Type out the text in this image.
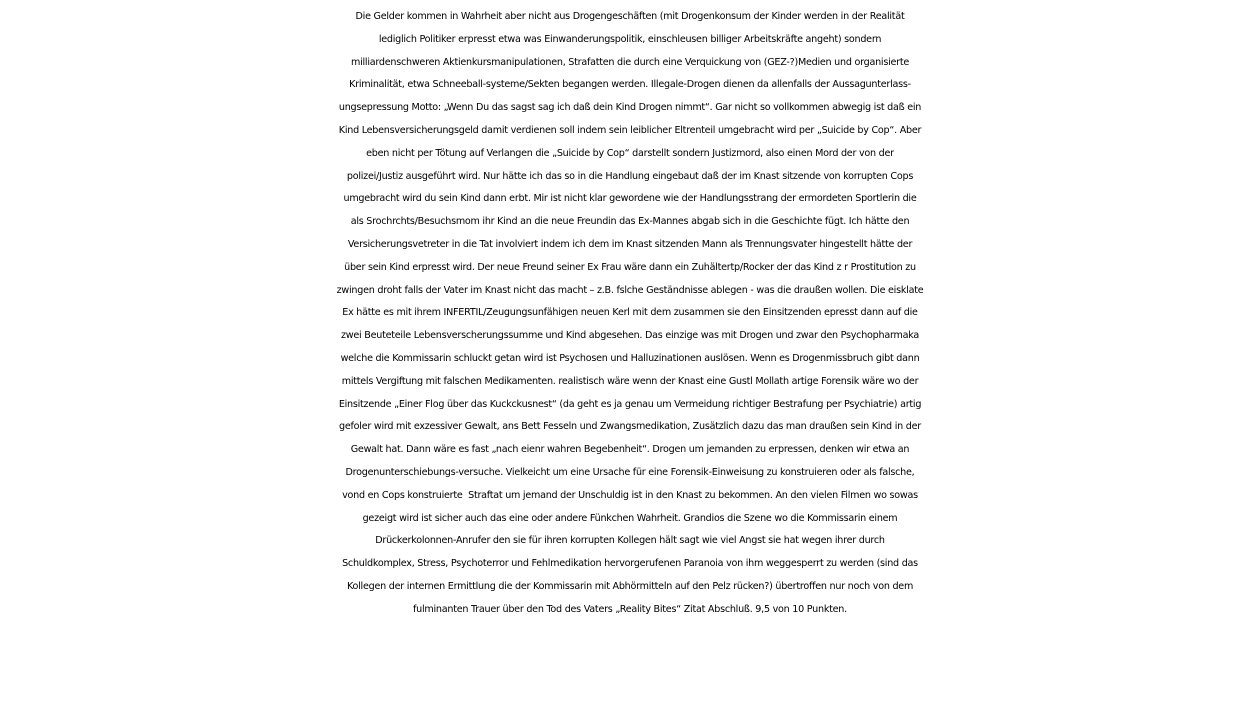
Die Gelder kommen in Wahrheit aber nicht aus Drogengeschäften (mit Drogenkonsum der Kinder werden in der Realität
lediglich Politiker erpresst etwa was Einwanderungspolitik, einschleusen billiger Arbeitskräfte angeht) sondern
milliardenschweren Aktienkursmanipulationen, Strafatten die durch eine Verquickung von (GEZ-?)Medien und organisierte
Kriminalität, etwa Schneeball-systeme/Sekten begangen werden. Illegale-Drogen dienen da allenfalls der Aussagunterlass-
ungsepressung Motto: „Wenn Du das sagst sag ich daß dein Kind Drogen nimmt“. Gar nicht so vollkommen abwegig ist daß ein
Kind Lebensversicherungsgeld damit verdienen soll indem sein leiblicher Eltrenteil umgebracht wird per „Suicide by Cop“. Aber
eben nicht per Tötung auf Verlangen die „Suicide by Cop“ darstellt sondern Justizmord, also einen Mord der von der
polizei/Justiz ausgeführt wird. Nur hätte ich das so in die Handlung eingebaut daß der im Knast sitzende von korrupten Cops
umgebracht wird du sein Kind dann erbt. Mir ist nicht klar gewordene wie der Handlungsstrang der ermordeten Sportlerin die
als Srochrchts/Besuchsmom ihr Kind an die neue Freundin das Ex-Mannes abgab sich in die Geschichte fügt. Ich hätte den
Versicherungsvetreter in die Tat involviert indem ich dem im Knast sitzenden Mann als Trennungsvater hingestellt hätte der
über sein Kind erpresst wird. Der neue Freund seiner Ex Frau wäre dann ein Zuhältertp/Rocker der das Kind z r Prostitution zu
zwingen droht falls der Vater im Knast nicht das macht – z.B. fslche Geständnisse ablegen - was die draußen wollen. Die eisklate
Ex hätte es mit ihrem INFERTIL/Zeugungsunfähigen neuen Kerl mit dem zusammen sie den Einsitzenden epresst dann auf die
zwei Beuteteile Lebensverscherungssumme und Kind abgesehen. Das einzige was mit Drogen und zwar den Psychopharmaka
welche die Kommissarin schluckt getan wird ist Psychosen und Halluzinationen auslösen. Wenn es Drogenmissbruch gibt dann
mittels Vergiftung mit falschen Medikamenten. realistisch wäre wenn der Knast eine Gustl Mollath artige Forensik wäre wo der
Einsitzende „Einer Flog über das Kuckckusnest“ (da geht es ja genau um Vermeidung richtiger Bestrafung per Psychiatrie) artig
gefoler wird mit exzessiver Gewalt, ans Bett Fesseln und Zwangsmedikation, Zusätzlich dazu das man draußen sein Kind in der
Gewalt hat. Dann wäre es fast „nach eienr wahren Begebenheit“. Drogen um jemanden zu erpressen, denken wir etwa an
Drogenunterschiebungs-versuche. Vielkeicht um eine Ursache für eine Forensik-Einweisung zu konstruieren oder als falsche,
vond en Cops konstruierte  Straftat um jemand der Unschuldig ist in den Knast zu bekommen. An den vielen Filmen wo sowas
gezeigt wird ist sicher auch das eine oder andere Fünkchen Wahrheit. Grandios die Szene wo die Kommissarin einem
Drückerkolonnen-Anrufer den sie für ihren korrupten Kollegen hält sagt wie viel Angst sie hat wegen ihrer durch
Schuldkomplex, Stress, Psychoterror und Fehlmedikation hervorgerufenen Paranoia von ihm weggesperrt zu werden (sind das
Kollegen der internen Ermittlung die der Kommissarin mit Abhörmitteln auf den Pelz rücken?) übertroffen nur noch von dem
fulminanten Trauer über den Tod des Vaters „Reality Bites“ Zitat Abschluß. 9,5 von 10 Punkten.
